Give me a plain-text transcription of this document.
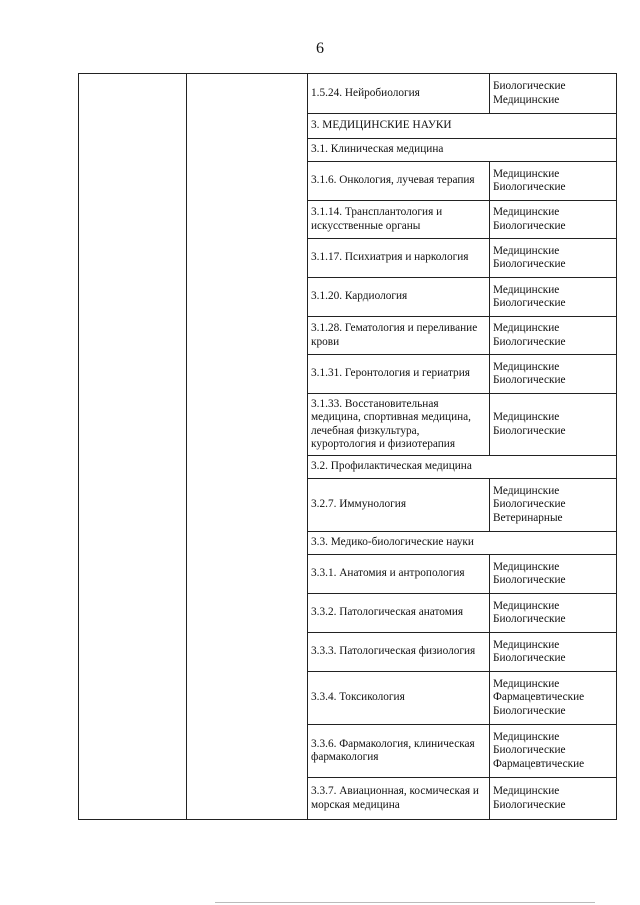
6
		1.5.24. Нейробиология	Биологические
Медицинские

		3. МЕДИЦИНСКИЕ НАУКИ	
		3.1. Клиническая медицина	
		3.1.6. Онкология, лучевая терапия	Медицинские
Биологические

		3.1.14. Трансплантология и искусственные органы	Медицинские
Биологические

		3.1.17. Психиатрия и наркология	Медицинские
Биологические

		3.1.20. Кардиология	Медицинские
Биологические

		3.1.28. Гематология и переливание крови	Медицинские
Биологические

		3.1.31. Геронтология и гериатрия	Медицинские
Биологические

		3.1.33. Восстановительная медицина, спортивная медицина, лечебная физкультура, курортология и физиотерапия	Медицинские
Биологические

		3.2. Профилактическая медицина	
		3.2.7. Иммунология	Медицинские
Биологические
Ветеринарные

		3.3. Медико-биологические науки	
		3.3.1. Анатомия и антропология	Медицинские
Биологические

		3.3.2. Патологическая анатомия	Медицинские
Биологические

		3.3.3. Патологическая физиология	Медицинские
Биологические

		3.3.4. Токсикология	Медицинские
Фармацевтические
Биологические

		3.3.6. Фармакология, клиническая фармакология	Медицинские
Биологические
Фармацевтические

		3.3.7. Авиационная, космическая и морская медицина	Медицинские
Биологические
